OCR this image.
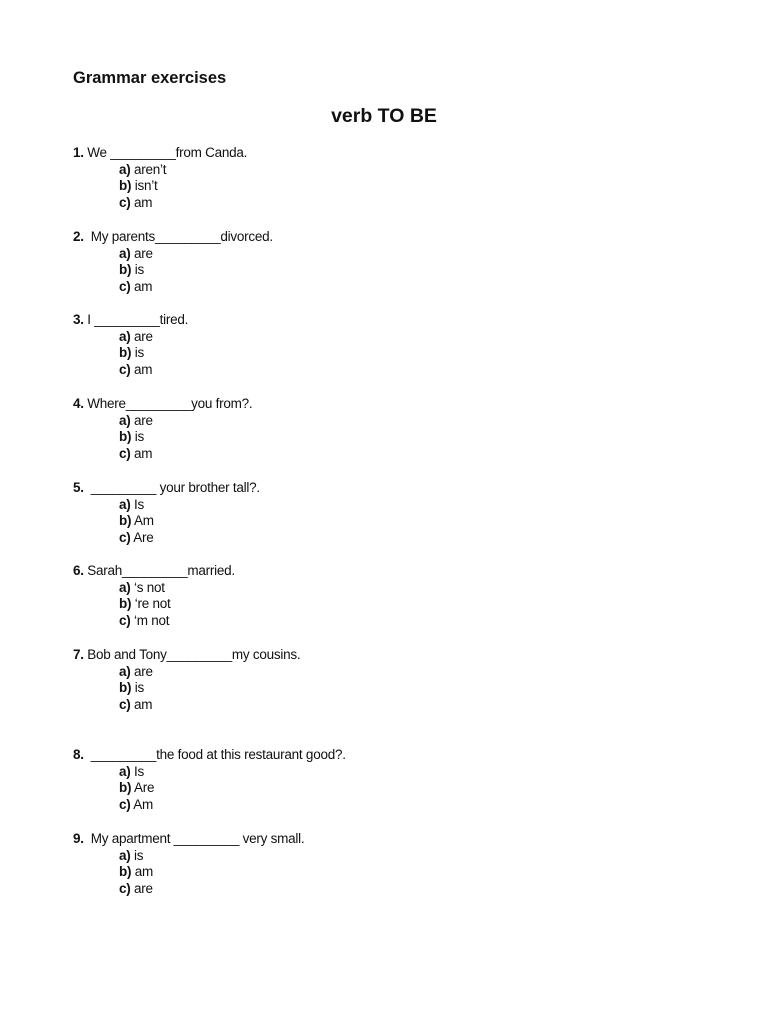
Grammar exercises
verb TO BE
1. We _________from Canda.
a) aren’t
b) isn’t
c) am
2.  My parents_________divorced.
a) are
b) is
c) am
3. I _________tired.
a) are
b) is
c) am
4. Where_________you from?.
a) are
b) is
c) am
5.  _________ your brother tall?.
a) Is
b) Am
c) Are
6. Sarah_________married.
a) ‘s not
b) ‘re not
c) ‘m not
7. Bob and Tony_________my cousins.
a) are
b) is
c) am
8.  _________the food at this restaurant good?.
a) Is
b) Are
c) Am
9.  My apartment _________ very small.
a) is
b) am
c) are
